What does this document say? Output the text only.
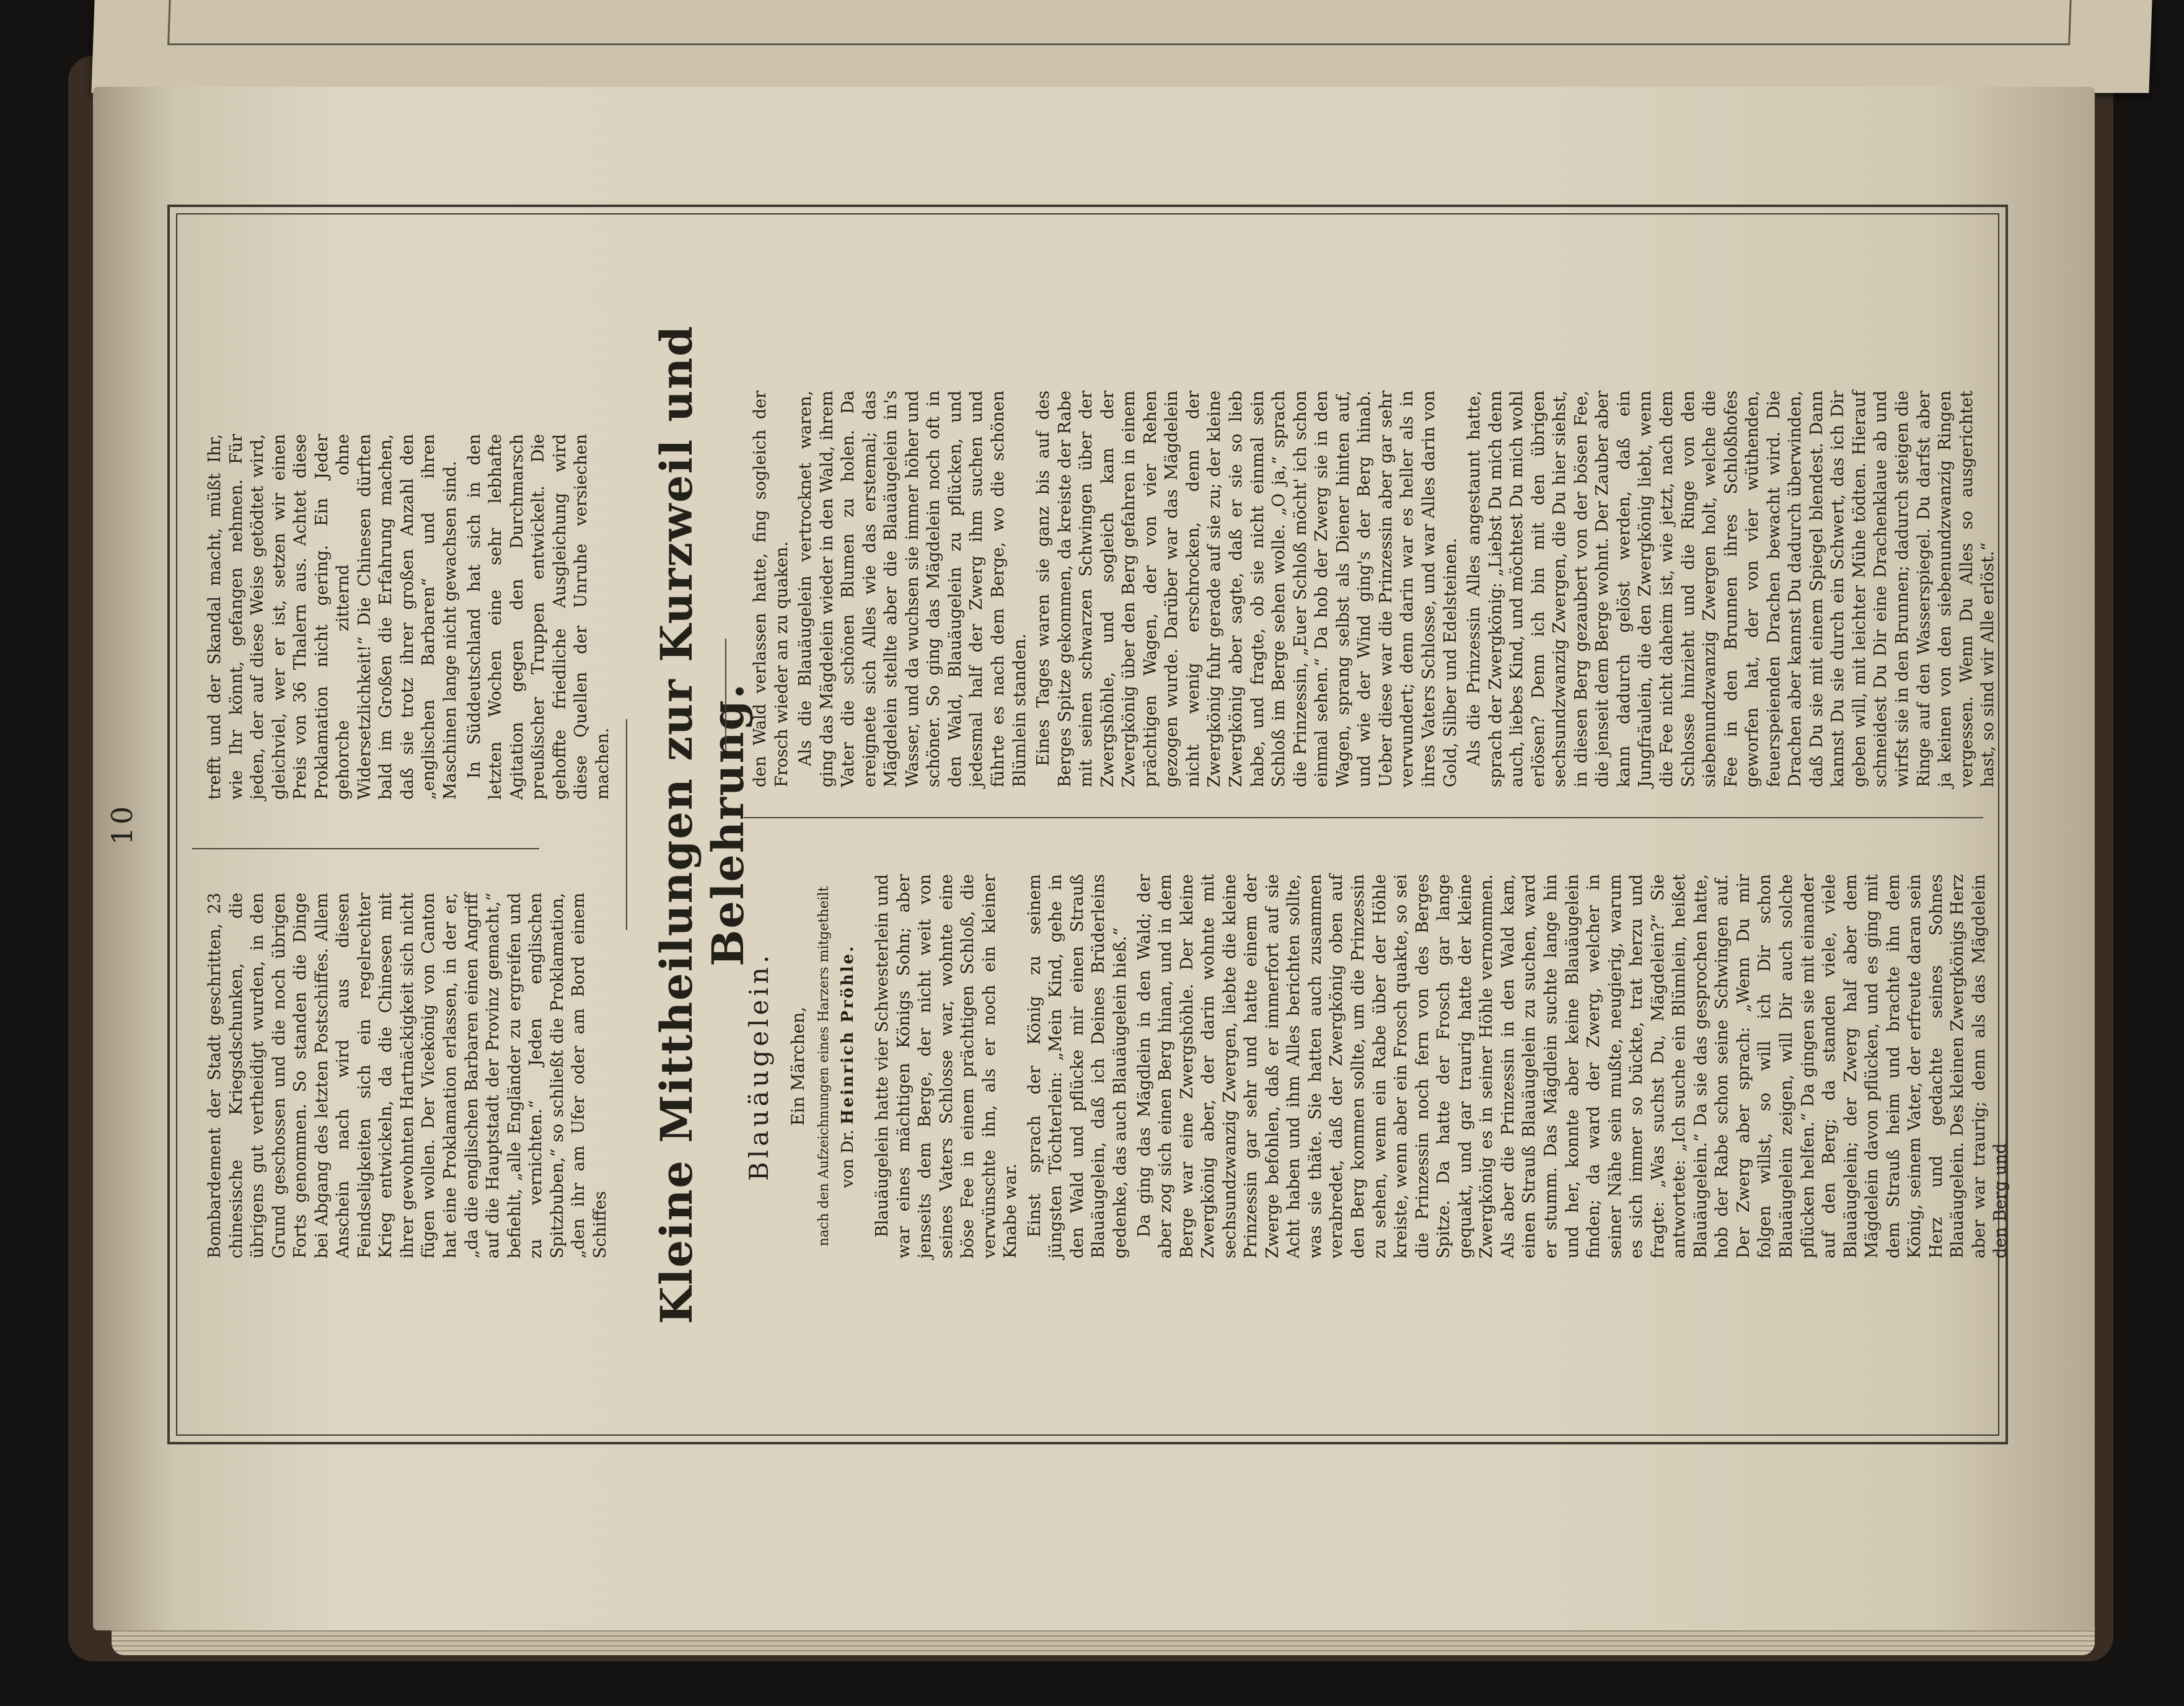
10

Bombardement der Stadt geschritten, 23 chinesische Kriegsdschunken, die übrigens gut vertheidigt wurden, in den Grund geschossen und die noch übrigen Forts genommen. So standen die Dinge bei Abgang des letzten Postschiffes. Allem Anschein nach wird aus diesen Feindseligkeiten sich ein regelrechter Krieg entwickeln, da die Chinesen mit ihrer gewohnten Hartnäckigkeit sich nicht fügen wollen. Der Vicekönig von Canton hat eine Proklamation erlassen, in der er, „da die englischen Barbaren einen Angriff auf die Hauptstadt der Provinz gemacht,“ befiehlt, „alle Engländer zu ergreifen und zu vernichten.“ Jeden englischen Spitzbuben,“ so schließt die Proklamation, „den ihr am Ufer oder am Bord einem Schiffes

trefft und der Skandal macht, müßt Ihr, wie Ihr könnt, gefangen nehmen. Für jeden, der auf diese Weise getödtet wird, gleichviel, wer er ist, setzen wir einen Preis von 36 Thalern aus. Achtet diese Proklamation nicht gering. Ein Jeder gehorche zitternd ohne Widersetzlichkeit!“ Die Chinesen dürften bald im Großen die Erfahrung machen, daß sie trotz ihrer großen Anzahl den „englischen Barbaren“ und ihren Maschinen lange nicht gewachsen sind. In Süddeutschland hat sich in den letzten Wochen eine sehr lebhafte Agitation gegen den Durchmarsch preußischer Truppen entwickelt. Die gehoffte friedliche Ausgleichung wird diese Quellen der Unruhe versiechen machen. Kleine Mittheilungen zur Kurzweil und Belehrung.
Blauäugelein. Ein Märchen, nach den Aufzeichnungen eines Harzers mitgetheilt von Dr. Heinrich Pröhle. Blauäugelein hatte vier Schwesterlein und war eines mächtigen Königs Sohn; aber jenseits dem Berge, der nicht weit von seines Vaters Schlosse war, wohnte eine böse Fee in einem prächtigen Schloß, die verwünschte ihn, als er noch ein kleiner Knabe war. Einst sprach der König zu seinem jüngsten Töchterlein: „Mein Kind, gehe in den Wald und pflücke mir einen Strauß Blauäugelein, daß ich Deines Brüderleins gedenke, das auch Blauäugelein hieß.“ Da ging das Mägdlein in den Wald; der aber zog sich einen Berg hinan, und in dem Berge war eine Zwergshöhle. Der kleine Zwergkönig aber, der darin wohnte mit sechsundzwanzig Zwergen, liebte die kleine Prinzessin gar sehr und hatte einem der Zwerge befohlen, daß er immerfort auf sie Acht haben und ihm Alles berichten sollte, was sie thäte. Sie hatten auch zusammen verabredet, daß der Zwergkönig oben auf den Berg kommen sollte, um die Prinzessin zu sehen, wenn ein Rabe über der Höhle kreiste, wenn aber ein Frosch quakte, so sei die Prinzessin noch fern von des Berges Spitze. Da hatte der Frosch gar lange gequakt, und gar traurig hatte der kleine Zwergkönig es in seiner Höhle vernommen. Als aber die Prinzessin in den Wald kam, einen Strauß Blauäugelein zu suchen, ward er stumm. Das Mägdlein suchte lange hin und her, konnte aber keine Blauäugelein finden; da ward der Zwerg, welcher in seiner Nähe sein mußte, neugierig, warum es sich immer so bückte, trat herzu und fragte: „Was suchst Du, Mägdelein?“ Sie antwortete: „Ich suche ein Blümlein, heißet Blauäugelein.“ Da sie das gesprochen hatte, hob der Rabe schon seine Schwingen auf. Der Zwerg aber sprach: „Wenn Du mir folgen willst, so will ich Dir schon Blauäugelein zeigen, will Dir auch solche pflücken helfen.“ Da gingen sie mit einander auf den Berg; da standen viele, viele Blauäugelein; der Zwerg half aber dem Mägdelein davon pflücken, und es ging mit dem Strauß heim und brachte ihn dem König, seinem Vater, der erfreute daran sein Herz und gedachte seines Sohnes Blauäugelein. Des kleinen Zwergkönigs Herz aber war traurig; denn als das Mägdelein den Berg und

den Wald verlassen hatte, fing sogleich der Frosch wieder an zu quaken. Als die Blauäugelein vertrocknet waren, ging das Mägdelein wieder in den Wald, ihrem Vater die schönen Blumen zu holen. Da ereignete sich Alles wie das erstemal; das Mägdelein stellte aber die Blauäugelein in's Wasser, und da wuchsen sie immer höher und schöner. So ging das Mägdelein noch oft in den Wald, Blauäugelein zu pflücken, und jedesmal half der Zwerg ihm suchen und führte es nach dem Berge, wo die schönen Blümlein standen. Eines Tages waren sie ganz bis auf des Berges Spitze gekommen, da kreiste der Rabe mit seinen schwarzen Schwingen über der Zwergshöhle, und sogleich kam der Zwergkönig über den Berg gefahren in einem prächtigen Wagen, der von vier Rehen gezogen wurde. Darüber war das Mägdelein nicht wenig erschrocken, denn der Zwergkönig fuhr gerade auf sie zu; der kleine Zwergkönig aber sagte, daß er sie so lieb habe, und fragte, ob sie nicht einmal sein Schloß im Berge sehen wolle. „O ja,“ sprach die Prinzessin, „Euer Schloß möcht' ich schon einmal sehen.“ Da hob der Zwerg sie in den Wagen, sprang selbst als Diener hinten auf, und wie der Wind ging's der Berg hinab. Ueber diese war die Prinzessin aber gar sehr verwundert; denn darin war es heller als in ihres Vaters Schlosse, und war Alles darin von Gold, Silber und Edelsteinen. Als die Prinzessin Alles angestaunt hatte, sprach der Zwergkönig: „Liebst Du mich denn auch, liebes Kind, und möchtest Du mich wohl erlösen? Denn ich bin mit den übrigen sechsundzwanzig Zwergen, die Du hier siehst, in diesen Berg gezaubert von der bösen Fee, die jenseit dem Berge wohnt. Der Zauber aber kann dadurch gelöst werden, daß ein Jungfräulein, die den Zwergkönig liebt, wenn die Fee nicht daheim ist, wie jetzt, nach dem Schlosse hinzieht und die Ringe von den siebenundzwanzig Zwergen holt, welche die Fee in den Brunnen ihres Schloßhofes geworfen hat, der von vier wüthenden, feuerspeienden Drachen bewacht wird. Die Drachen aber kannst Du dadurch überwinden, daß Du sie mit einem Spiegel blendest. Dann kannst Du sie durch ein Schwert, das ich Dir geben will, mit leichter Mühe tödten. Hierauf schneidest Du Dir eine Drachenklaue ab und wirfst sie in den Brunnen; dadurch steigen die Ringe auf den Wasserspiegel. Du darfst aber ja keinen von den siebenundzwanzig Ringen vergessen. Wenn Du Alles so ausgerichtet hast, so sind wir Alle erlöst.“
